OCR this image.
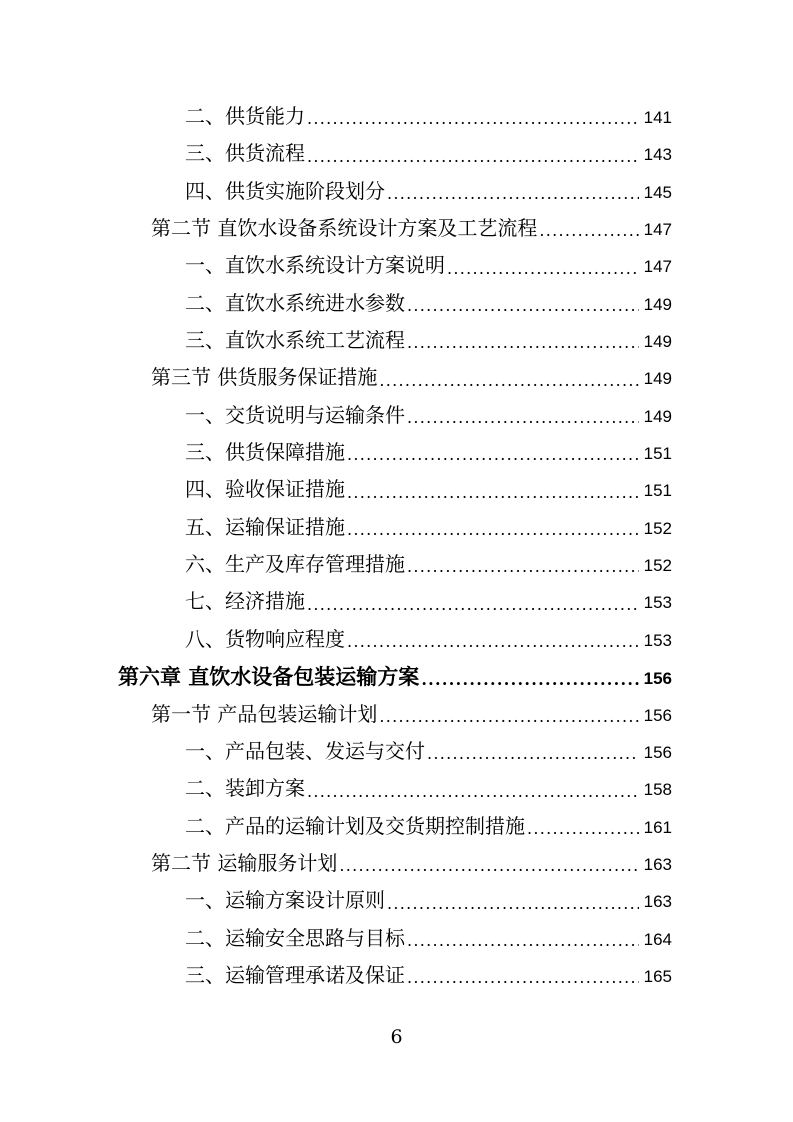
二、供货能力 .....	141
三、供货流程 .....	143
四、供货实施阶段划分 .....	145
第二节 直饮水设备系统设计方案及工艺流程 .....	147
一、直饮水系统设计方案说明 .....	147
二、直饮水系统进水参数 .....	149
三、直饮水系统工艺流程 .....	149
第三节 供货服务保证措施 .....	149
一、交货说明与运输条件 .....	149
三、供货保障措施 .....	151
四、验收保证措施 .....	151
五、运输保证措施 .....	152
六、生产及库存管理措施 .....	152
七、经济措施 .....	153
八、货物响应程度 .....	153
第六章 直饮水设备包装运输方案 .....	156
第一节 产品包装运输计划 .....	156
一、产品包装、发运与交付 .....	156
二、装卸方案 .....	158
二、产品的运输计划及交货期控制措施 .....	161
第二节 运输服务计划 .....	163
一、运输方案设计原则 .....	163
二、运输安全思路与目标 .....	164
三、运输管理承诺及保证 .....	165
6
